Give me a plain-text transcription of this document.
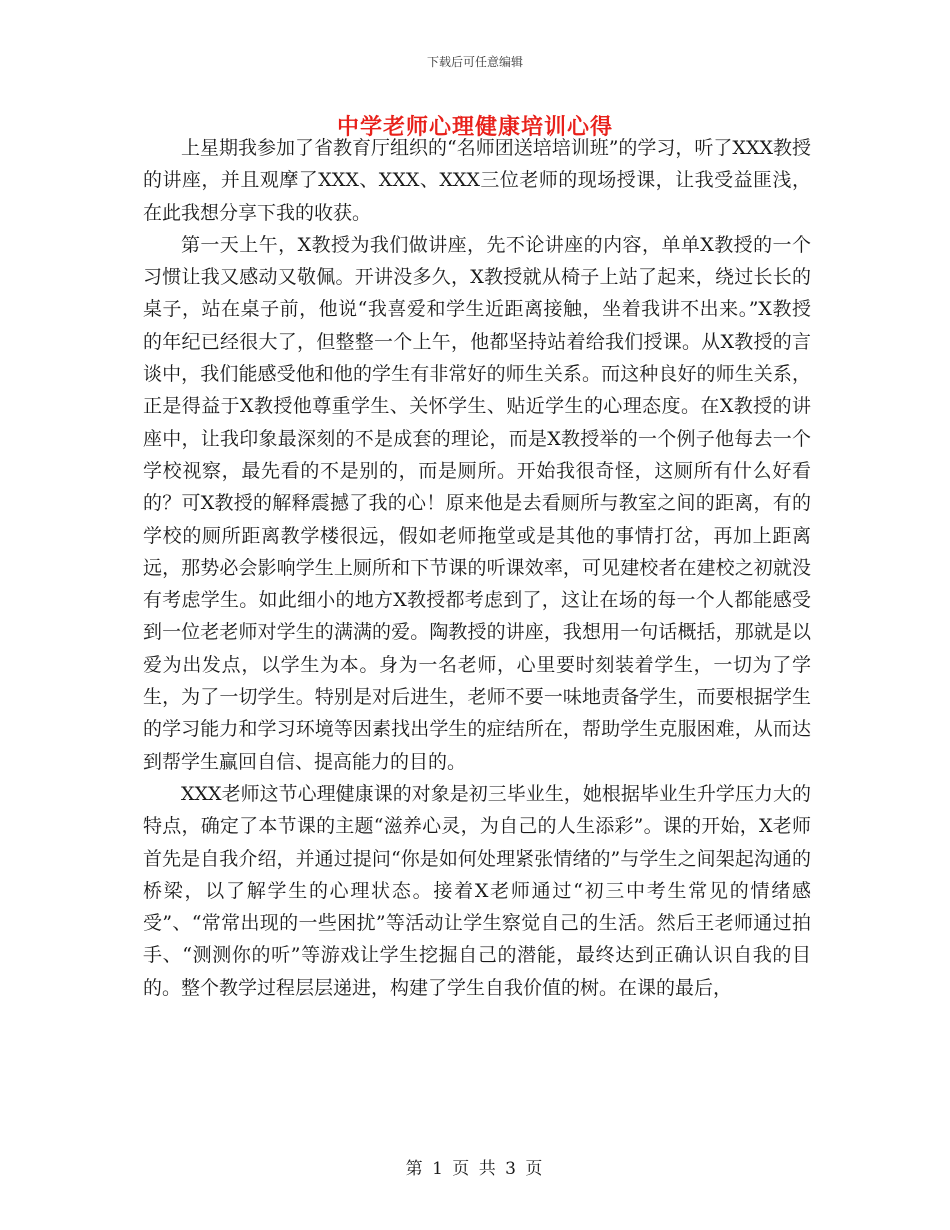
下载后可任意编辑
中学老师心理健康培训心得

上星期我参加了省教育厅组织的“名师团送培培训班”的学习，听了XXX教授的讲座，并且观摩了XXX、XXX、XXX三位老师的现场授课，让我受益匪浅，在此我想分享下我的收获。

第一天上午，X教授为我们做讲座，先不论讲座的内容，单单X教授的一个习惯让我又感动又敬佩。开讲没多久，X教授就从椅子上站了起来，绕过长长的桌子，站在桌子前，他说“我喜爱和学生近距离接触，坐着我讲不出来。”X教授的年纪已经很大了，但整整一个上午，他都坚持站着给我们授课。从X教授的言谈中，我们能感受他和他的学生有非常好的师生关系。而这种良好的师生关系，正是得益于X教授他尊重学生、关怀学生、贴近学生的心理态度。在X教授的讲座中，让我印象最深刻的不是成套的理论，而是X教授举的一个例子他每去一个学校视察，最先看的不是别的，而是厕所。开始我很奇怪，这厕所有什么好看的？可X教授的解释震撼了我的心！原来他是去看厕所与教室之间的距离，有的学校的厕所距离教学楼很远，假如老师拖堂或是其他的事情打岔，再加上距离远，那势必会影响学生上厕所和下节课的听课效率，可见建校者在建校之初就没有考虑学生。如此细小的地方X教授都考虑到了，这让在场的每一个人都能感受到一位老老师对学生的满满的爱。陶教授的讲座，我想用一句话概括，那就是以爱为出发点，以学生为本。身为一名老师，心里要时刻装着学生，一切为了学生，为了一切学生。特别是对后进生，老师不要一味地责备学生，而要根据学生的学习能力和学习环境等因素找出学生的症结所在，帮助学生克服困难，从而达到帮学生赢回自信、提高能力的目的。

XXX老师这节心理健康课的对象是初三毕业生，她根据毕业生升学压力大的特点，确定了本节课的主题“滋养心灵，为自己的人生添彩”。课的开始，X老师首先是自我介绍，并通过提问“你是如何处理紧张情绪的”与学生之间架起沟通的桥梁，以了解学生的心理状态。接着X老师通过“初三中考生常见的情绪感受”、“常常出现的一些困扰”等活动让学生察觉自己的生活。然后王老师通过拍手、“测测你的听”等游戏让学生挖掘自己的潜能，最终达到正确认识自我的目的。整个教学过程层层递进，构建了学生自我价值的树。在课的最后，

第 1 页 共 3 页
